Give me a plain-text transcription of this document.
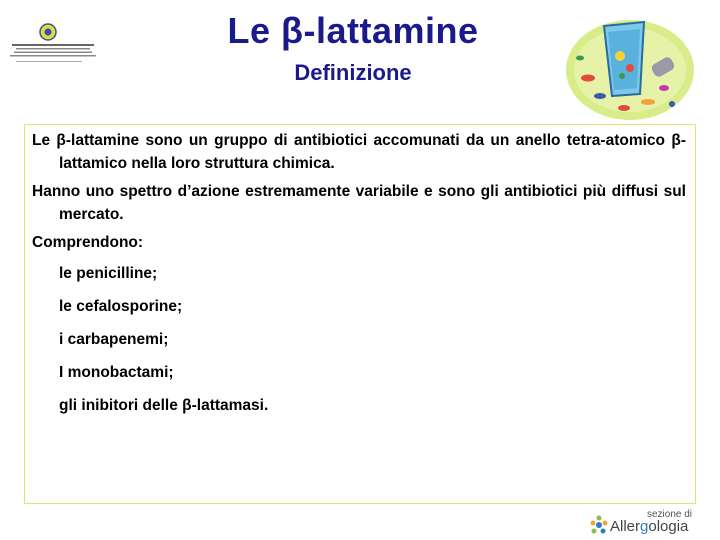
Le β-lattamine
Definizione

Le β-lattamine sono un gruppo di antibiotici accomunati da un anello tetra-atomico β-lattamico nella loro struttura chimica.

Hanno uno spettro d’azione estremamente variabile e sono gli antibiotici più diffusi sul mercato.

Comprendono:

le penicilline;
le cefalosporine;
i carbapenemi;
I monobactami;
gli inibitori delle β-lattamasi.
sezione di
Allergologia
